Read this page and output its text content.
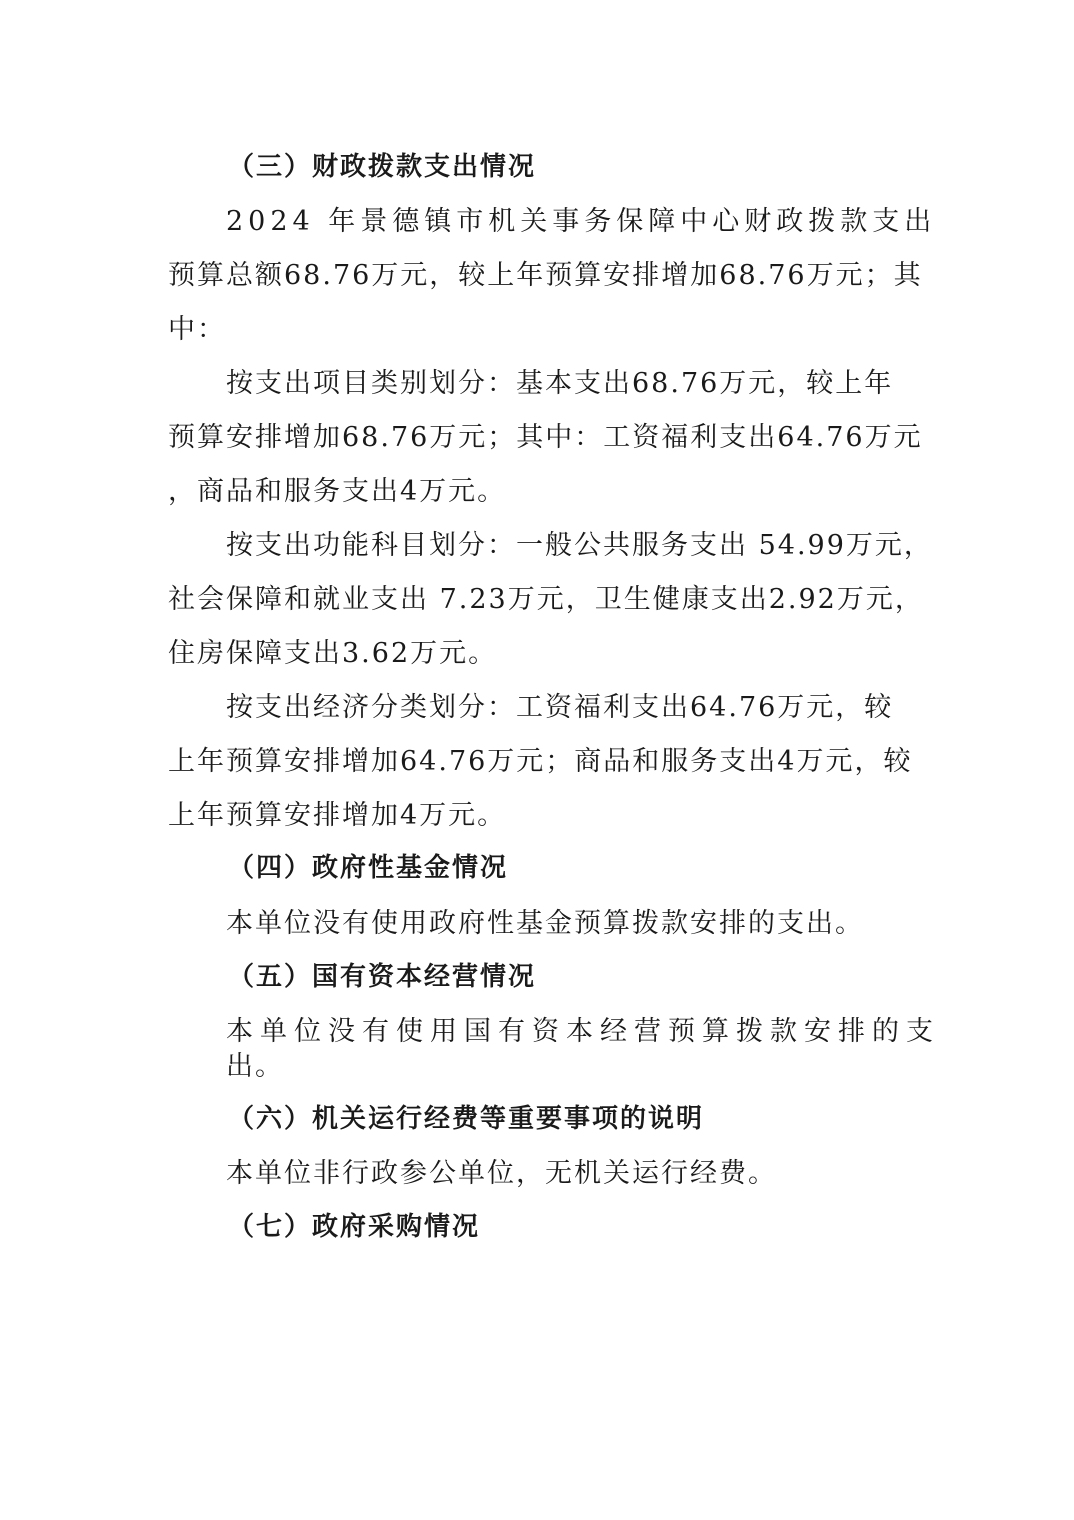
（三）财政拨款支出情况
2024 年景德镇市机关事务保障中心财政拨款支出
预算总额68.76万元，较上年预算安排增加68.76万元；其
中：
按支出项目类别划分：基本支出68.76万元，较上年
预算安排增加68.76万元；其中：工资福利支出64.76万元
，商品和服务支出4万元。
按支出功能科目划分：一般公共服务支出 54.99万元，
社会保障和就业支出 7.23万元，卫生健康支出2.92万元，
住房保障支出3.62万元。
按支出经济分类划分：工资福利支出64.76万元，较
上年预算安排增加64.76万元；商品和服务支出4万元，较
上年预算安排增加4万元。
（四）政府性基金情况
本单位没有使用政府性基金预算拨款安排的支出。
（五）国有资本经营情况
本单位没有使用国有资本经营预算拨款安排的支
出。
（六）机关运行经费等重要事项的说明
本单位非行政参公单位，无机关运行经费。
（七）政府采购情况
